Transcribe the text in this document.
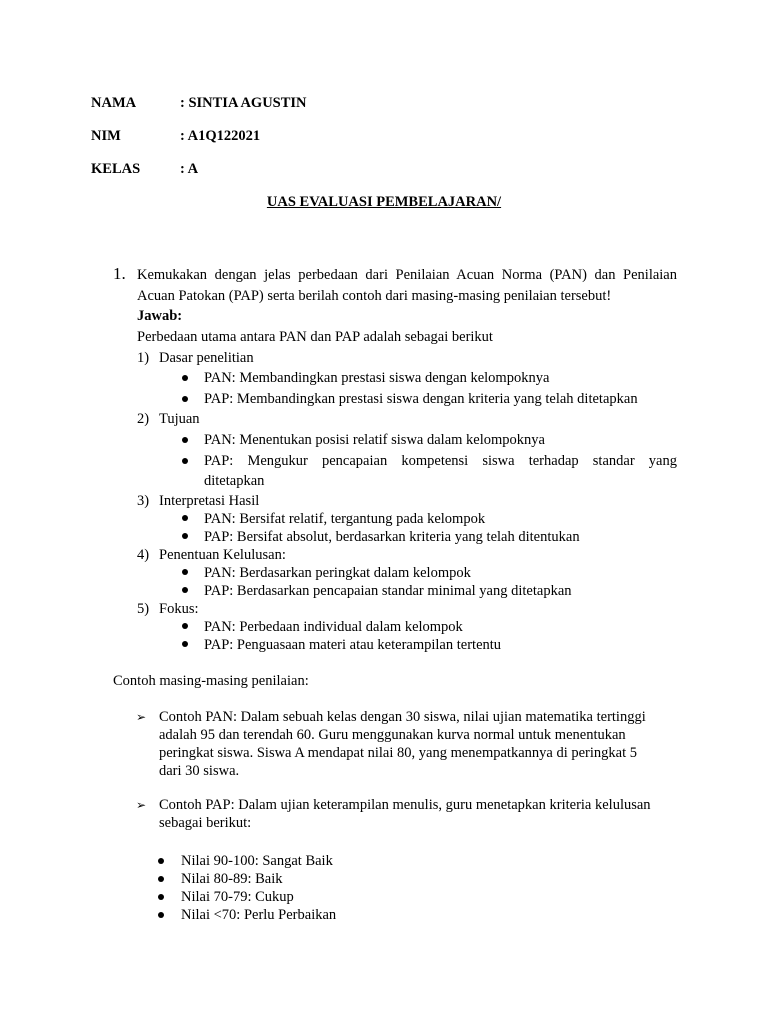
NAMA	: SINTIA AGUSTIN
NIM	: A1Q122021
KELAS	: A
UAS EVALUASI PEMBELAJARAN/
1. Kemukakan dengan jelas perbedaan dari Penilaian Acuan Norma (PAN) dan Penilaian
Acuan Patokan (PAP) serta berilah contoh dari masing-masing penilaian tersebut!
Jawab:
Perbedaan utama antara PAN dan PAP adalah sebagai berikut
1) Dasar penelitian
PAN: Membandingkan prestasi siswa dengan kelompoknya
PAP: Membandingkan prestasi siswa dengan kriteria yang telah ditetapkan
2) Tujuan
PAN: Menentukan posisi relatif siswa dalam kelompoknya
PAP: Mengukur pencapaian kompetensi siswa terhadap standar yang
ditetapkan
3) Interpretasi Hasil
PAN: Bersifat relatif, tergantung pada kelompok
PAP: Bersifat absolut, berdasarkan kriteria yang telah ditentukan
4) Penentuan Kelulusan:
PAN: Berdasarkan peringkat dalam kelompok
PAP: Berdasarkan pencapaian standar minimal yang ditetapkan
5) Fokus:
PAN: Perbedaan individual dalam kelompok
PAP: Penguasaan materi atau keterampilan tertentu
Contoh masing-masing penilaian:
➢ Contoh PAN: Dalam sebuah kelas dengan 30 siswa, nilai ujian matematika tertinggi
adalah 95 dan terendah 60. Guru menggunakan kurva normal untuk menentukan
peringkat siswa. Siswa A mendapat nilai 80, yang menempatkannya di peringkat 5
dari 30 siswa.
➢ Contoh PAP: Dalam ujian keterampilan menulis, guru menetapkan kriteria kelulusan
sebagai berikut:
Nilai 90-100: Sangat Baik
Nilai 80-89: Baik
Nilai 70-79: Cukup
Nilai <70: Perlu Perbaikan
